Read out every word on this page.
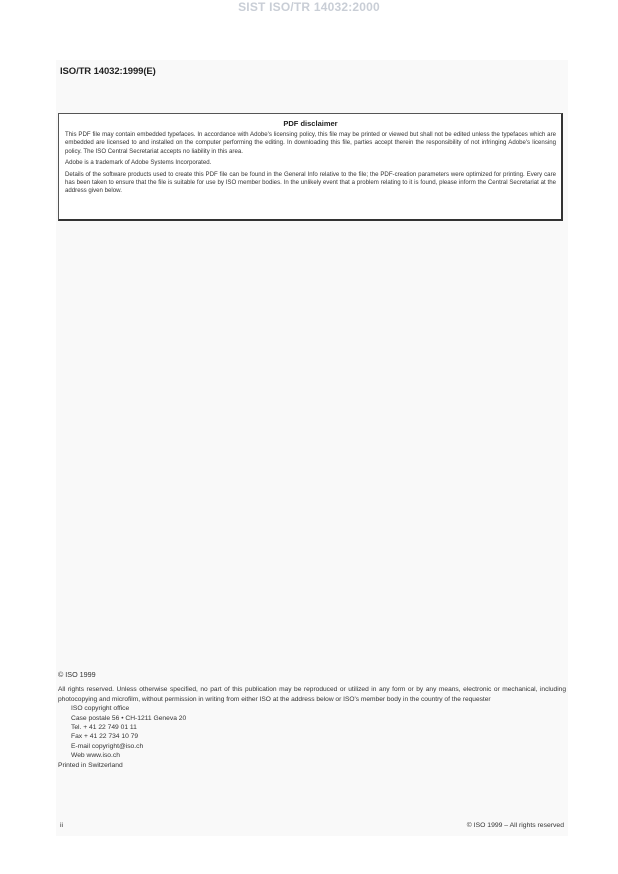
SIST ISO/TR 14032:2000
ISO/TR 14032:1999(E)
PDF disclaimer

This PDF file may contain embedded typefaces. In accordance with Adobe's licensing policy, this file may be printed or viewed but shall not be edited unless the typefaces which are embedded are licensed to and installed on the computer performing the editing. In downloading this file, parties accept therein the responsibility of not infringing Adobe's licensing policy. The ISO Central Secretariat accepts no liability in this area.

Adobe is a trademark of Adobe Systems Incorporated.

Details of the software products used to create this PDF file can be found in the General Info relative to the file; the PDF-creation parameters were optimized for printing. Every care has been taken to ensure that the file is suitable for use by ISO member bodies. In the unlikely event that a problem relating to it is found, please inform the Central Secretariat at the address given below.

© ISO 1999

All rights reserved. Unless otherwise specified, no part of this publication may be reproduced or utilized in any form or by any means, electronic or mechanical, including photocopying and microfilm, without permission in writing from either ISO at the address below or ISO's member body in the country of the requester

ISO copyright office
Case postale 56 • CH-1211 Geneva 20
Tel. + 41 22 749 01 11
Fax + 41 22 734 10 79
E-mail copyright@iso.ch
Web www.iso.ch
Printed in Switzerland
ii	© ISO 1999 – All rights reserved
